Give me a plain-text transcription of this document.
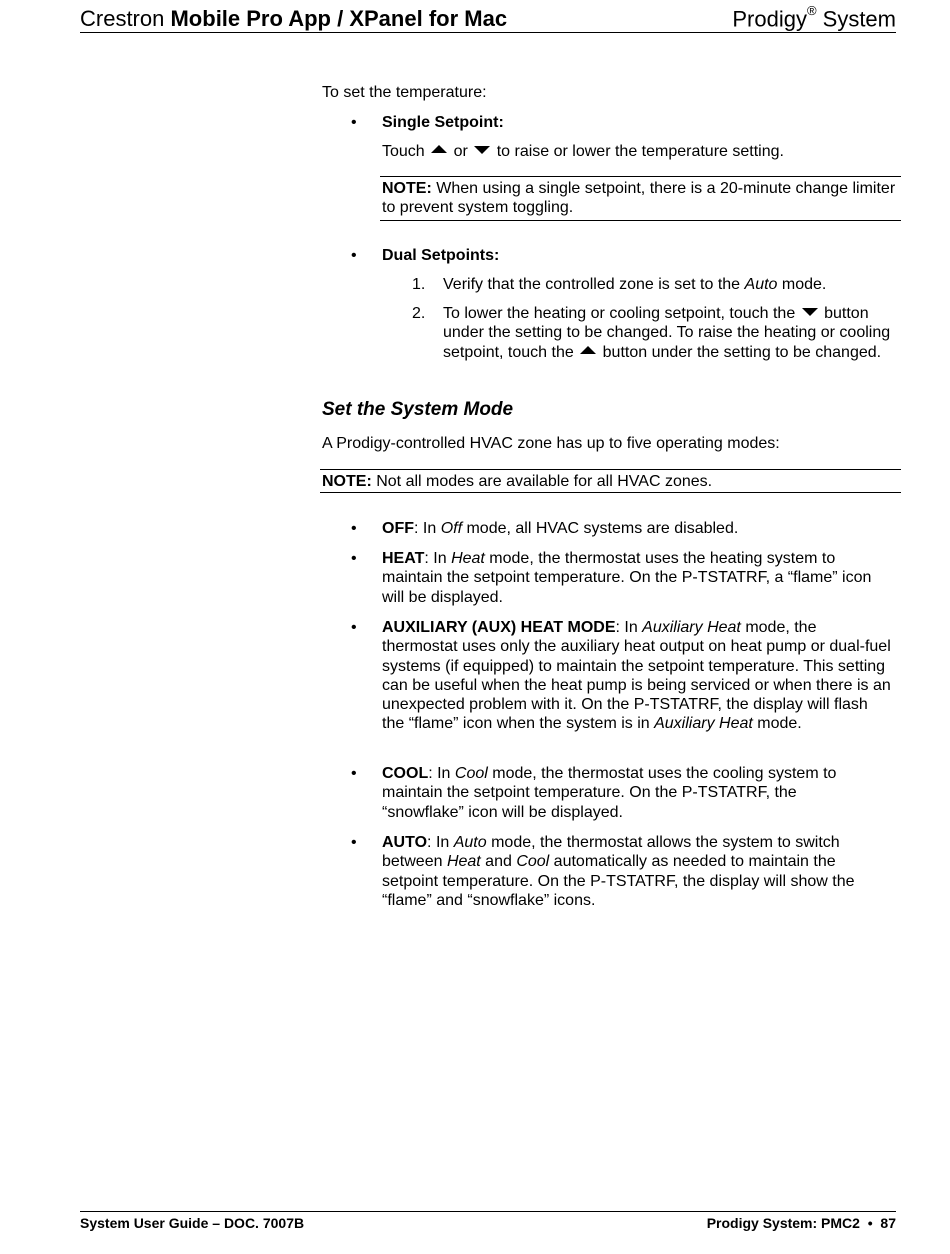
Crestron Mobile Pro App / XPanel for Mac	Prodigy® System
To set the temperature:
• Single Setpoint:
Touch  or  to raise or lower the temperature setting.
NOTE: When using a single setpoint, there is a 20-minute change limiter to prevent system toggling.
• Dual Setpoints:
1. Verify that the controlled zone is set to the Auto mode.
2. To lower the heating or cooling setpoint, touch the  button under the setting to be changed. To raise the heating or cooling setpoint, touch the  button under the setting to be changed.
Set the System Mode
A Prodigy-controlled HVAC zone has up to five operating modes:
NOTE: Not all modes are available for all HVAC zones.
• OFF: In Off mode, all HVAC systems are disabled.
• HEAT: In Heat mode, the thermostat uses the heating system to maintain the setpoint temperature. On the P-TSTATRF, a “flame” icon will be displayed.
• AUXILIARY (AUX) HEAT MODE: In Auxiliary Heat mode, the thermostat uses only the auxiliary heat output on heat pump or dual-fuel systems (if equipped) to maintain the setpoint temperature. This setting can be useful when the heat pump is being serviced or when there is an unexpected problem with it. On the P-TSTATRF, the display will flash the “flame” icon when the system is in Auxiliary Heat mode.
• COOL: In Cool mode, the thermostat uses the cooling system to maintain the setpoint temperature. On the P-TSTATRF, the “snowflake” icon will be displayed.
• AUTO: In Auto mode, the thermostat allows the system to switch between Heat and Cool automatically as needed to maintain the setpoint temperature. On the P-TSTATRF, the display will show the “flame” and “snowflake” icons.
System User Guide – DOC. 7007B	Prodigy System: PMC2 • 87
